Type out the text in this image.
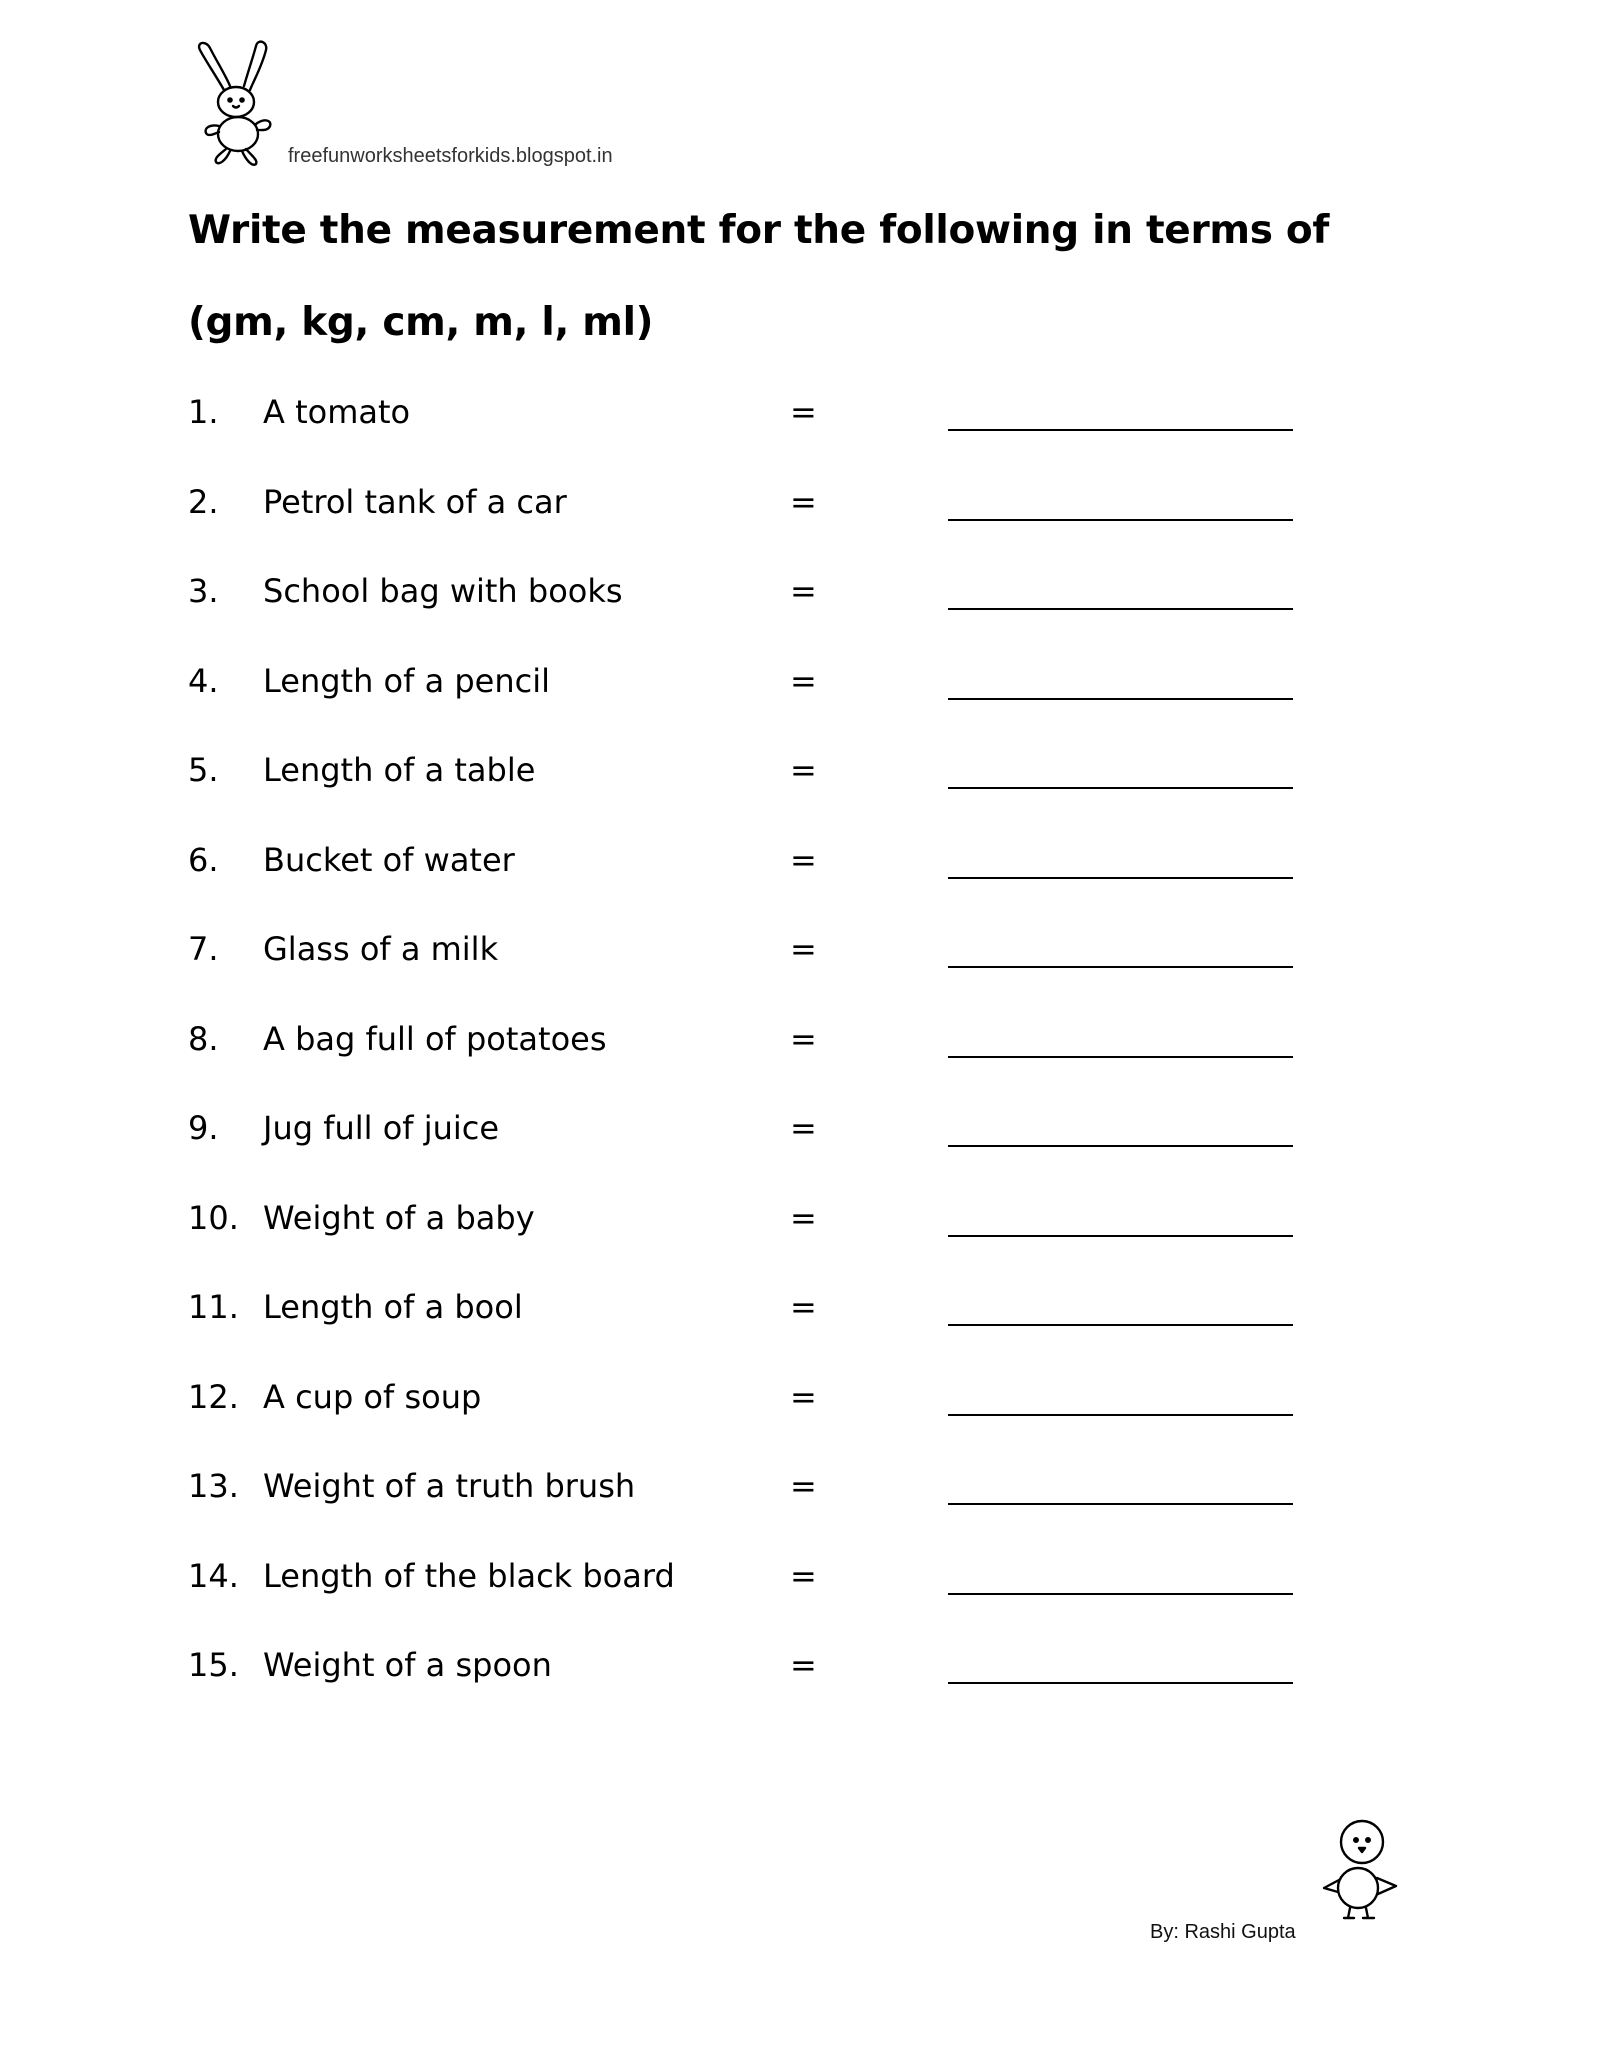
freefunworksheetsforkids.blogspot.in
Write the measurement for the following in terms of
(gm, kg, cm, m, l, ml)
1. A tomato	=
2. Petrol tank of a car	=
3. School bag with books	=
4. Length of a pencil	=
5. Length of a table	=
6. Bucket of water	=
7. Glass of a milk	=
8. A bag full of potatoes	=
9. Jug full of juice	=
10. Weight of a baby	=
11. Length of a bool	=
12. A cup of soup	=
13. Weight of a truth brush	=
14. Length of the black board	=
15. Weight of a spoon	=
By: Rashi Gupta
